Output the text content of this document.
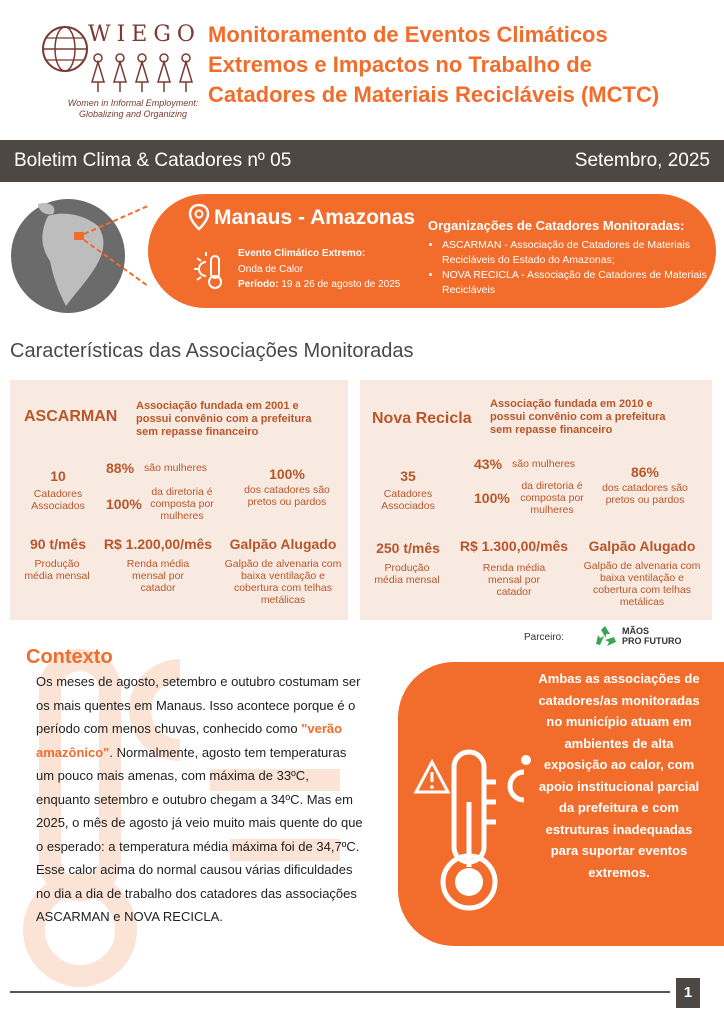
WIEGO
Women in Informal Employment:
Globalizing and Organizing
Monitoramento de Eventos Climáticos
Extremos e Impactos no Trabalho de
Catadores de Materiais Recicláveis (MCTC)
Boletim Clima & Catadores nº 05	Setembro, 2025
Manaus - Amazonas
Evento Climático Extremo:
Onda de Calor
Período: 19 a 26 de agosto de 2025
Organizações de Catadores Monitoradas:
• ASCARMAN - Associação de Catadores de Materiais Recicláveis do Estado do Amazonas;
• NOVA RECICLA - Associação de Catadores de Materiais Recicláveis
Características das Associações Monitoradas
ASCARMAN
Associação fundada em 2001 e possui convênio com a prefeitura sem repasse financeiro
10
Catadores Associados
88% são mulheres
100%
da diretoria é composta por mulheres
100%
dos catadores são pretos ou pardos
90 t/mês
Produção média mensal
R$ 1.200,00/mês
Renda média mensal por catador
Galpão Alugado
Galpão de alvenaria com baixa ventilação e cobertura com telhas metálicas
Nova Recicla
Associação fundada em 2010 e possui convênio com a prefeitura sem repasse financeiro
35
Catadores Associados
43% são mulheres
100%
da diretoria é composta por mulheres
86%
dos catadores são pretos ou pardos
250 t/mês
Produção média mensal
R$ 1.300,00/mês
Renda média mensal por catador
Galpão Alugado
Galpão de alvenaria com baixa ventilação e cobertura com telhas metálicas
Parceiro:
MÃOS
PRO FUTURO
Contexto
Os meses de agosto, setembro e outubro costumam ser os mais quentes em Manaus. Isso acontece porque é o período com menos chuvas, conhecido como "verão amazônico". Normalmente, agosto tem temperaturas um pouco mais amenas, com máxima de 33ºC, enquanto setembro e outubro chegam a 34ºC. Mas em 2025, o mês de agosto já veio muito mais quente do que o esperado: a temperatura média máxima foi de 34,7ºC. Esse calor acima do normal causou várias dificuldades no dia a dia de trabalho dos catadores das associações ASCARMAN e NOVA RECICLA.
Ambas as associações de catadores/as monitoradas no município atuam em ambientes de alta exposição ao calor, com apoio institucional parcial da prefeitura e com estruturas inadequadas para suportar eventos extremos.
1
